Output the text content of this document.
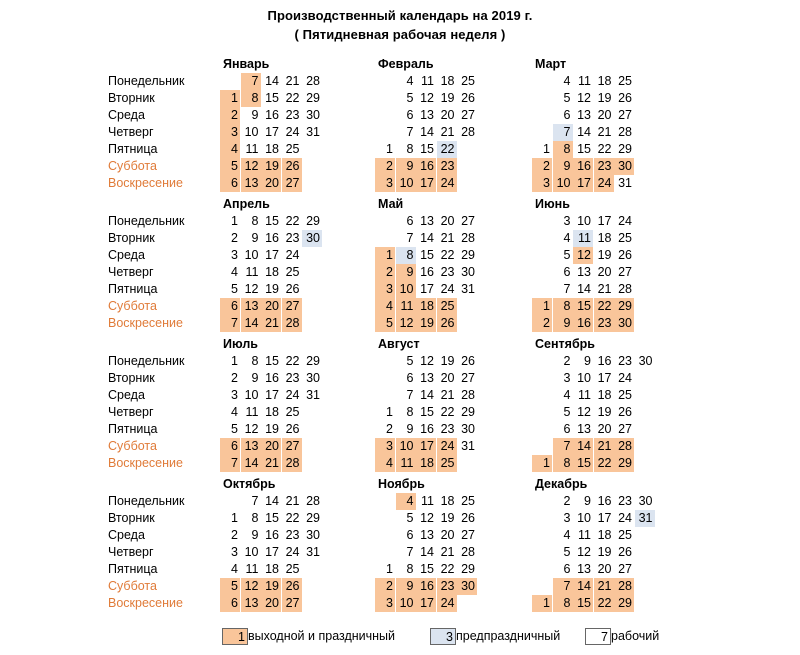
Производственный календарь на 2019 г.
( Пятидневная рабочая неделя )
Понедельник
Вторник
Среда
Четверг
Пятница
Суббота
Воскресение
Понедельник
Вторник
Среда
Четверг
Пятница
Суббота
Воскресение
Понедельник
Вторник
Среда
Четверг
Пятница
Суббота
Воскресение
Понедельник
Вторник
Среда
Четверг
Пятница
Суббота
Воскресение
Январь
1
2
3
4
5
6
7
8
9
10
11
12
13
14
15
16
17
18
19
20
21
22
23
24
25
26
27
28
29
30
31
Февраль
1
2
3
4
5
6
7
8
9
10
11
12
13
14
15
16
17
18
19
20
21
22
23
24
25
26
27
28
Март
1
2
3
4
5
6
7
8
9
10
11
12
13
14
15
16
17
18
19
20
21
22
23
24
25
26
27
28
29
30
31
Апрель
1
2
3
4
5
6
7
8
9
10
11
12
13
14
15
16
17
18
19
20
21
22
23
24
25
26
27
28
29
30
Май
1
2
3
4
5
6
7
8
9
10
11
12
13
14
15
16
17
18
19
20
21
22
23
24
25
26
27
28
29
30
31
Июнь
1
2
3
4
5
6
7
8
9
10
11
12
13
14
15
16
17
18
19
20
21
22
23
24
25
26
27
28
29
30
Июль
1
2
3
4
5
6
7
8
9
10
11
12
13
14
15
16
17
18
19
20
21
22
23
24
25
26
27
28
29
30
31
Август
1
2
3
4
5
6
7
8
9
10
11
12
13
14
15
16
17
18
19
20
21
22
23
24
25
26
27
28
29
30
31
Сентябрь
1
2
3
4
5
6
7
8
9
10
11
12
13
14
15
16
17
18
19
20
21
22
23
24
25
26
27
28
29
30
Октябрь
1
2
3
4
5
6
7
8
9
10
11
12
13
14
15
16
17
18
19
20
21
22
23
24
25
26
27
28
29
30
31
Ноябрь
1
2
3
4
5
6
7
8
9
10
11
12
13
14
15
16
17
18
19
20
21
22
23
24
25
26
27
28
29
30
Декабрь
1
2
3
4
5
6
7
8
9
10
11
12
13
14
15
16
17
18
19
20
21
22
23
24
25
26
27
28
29
30
31
1 выходной и праздничный	3 предпраздничный	7 рабочий
